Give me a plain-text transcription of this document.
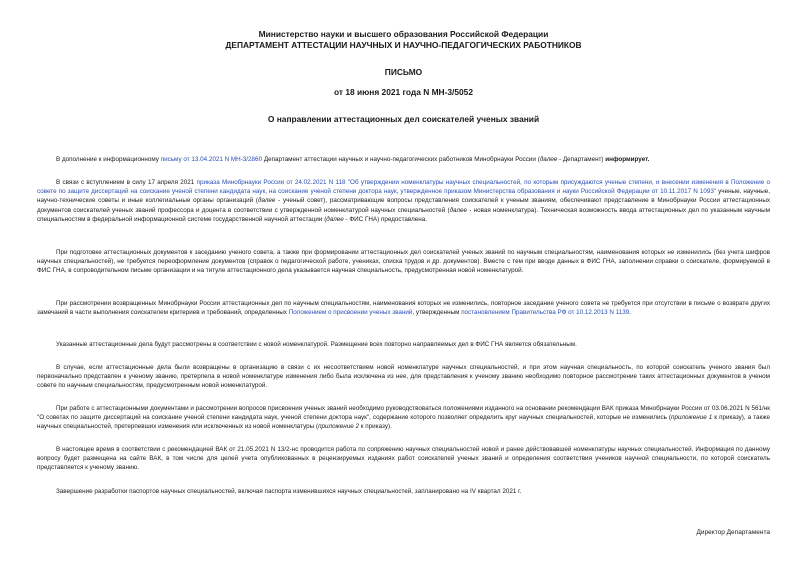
Министерство науки и высшего образования Российской Федерации
ДЕПАРТАМЕНТ АТТЕСТАЦИИ НАУЧНЫХ И НАУЧНО-ПЕДАГОГИЧЕСКИХ РАБОТНИКОВ
ПИСЬМО
от 18 июня 2021 года N МН-3/5052
О направлении аттестационных дел соискателей ученых званий

В дополнение к информационному письму от 13.04.2021 N МН-3/2860 Департамент аттестации научных и научно-педагогических работников Минобрнауки России (далее - Департамент) информирует.

В связи с вступлением в силу 17 апреля 2021 приказа Минобрнауки России от 24.02.2021 N 118 "Об утверждении номенклатуры научных специальностей, по которым присуждаются ученые степени, и внесении изменения в Положение о совете по защите диссертаций на соискание ученой степени кандидата наук, на соискание ученой степени доктора наук, утвержденное приказом Министерства образования и науки Российской Федерации от 10.11.2017 N 1093" ученые, научные, научно-технические советы и иные коллегиальные органы организаций (далее - ученый совет), рассматривающие вопросы представления соискателей к ученым званиям, обеспечивают представление в Минобрнауки России аттестационных документов соискателей ученых званий профессора и доцента в соответствии с утвержденной номенклатурой научных специальностей (далее - новая номенклатура). Техническая возможность ввода аттестационных дел по указанным научным специальностям в федеральной информационной системе государственной научной аттестации (далее - ФИС ГНА) предоставлена.

При подготовке аттестационных документов к заседанию ученого совета, а также при формировании аттестационных дел соискателей ученых званий по научным специальностям, наименования которых не изменились (без учета шифров научных специальностей), не требуется переоформление документов (справок о педагогической работе, учениках, списка трудов и др. документов). Вместе с тем при вводе данных в ФИС ГНА, заполнении справки о соискателе, формируемой в ФИС ГНА, в сопроводительном письме организации и на титуле аттестационного дела указывается научная специальность, предусмотренная новой номенклатурой.

При рассмотрении возвращенных Минобрнауки России аттестационных дел по научным специальностям, наименования которых не изменились, повторное заседание ученого совета не требуется при отсутствии в письме о возврате других замечаний в части выполнения соискателем критериев и требований, определенных Положением о присвоении ученых званий, утвержденным постановлением Правительства РФ от 10.12.2013 N 1139.

Указанные аттестационные дела будут рассмотрены в соответствии с новой номенклатурой. Размещение всех повторно направляемых дел в ФИС ГНА является обязательным.

В случае, если аттестационные дела были возвращены в организацию в связи с их несоответствием новой номенклатуре научных специальностей, и при этом научная специальность, по которой соискатель ученого звания был первоначально представлен к ученому званию, претерпела в новой номенклатуре изменения либо была исключена из нее, для представления к ученому званию необходимо повторное рассмотрение таких аттестационных документов в ученом совете по научным специальностям, предусмотренным новой номенклатурой.

При работе с аттестационными документами и рассмотрении вопросов присвоения ученых званий необходимо руководствоваться положениями изданного на основании рекомендации ВАК приказа Минобрнауки России от 03.06.2021 N 561/нк "О советах по защите диссертаций на соискание ученой степени кандидата наук, ученой степени доктора наук", содержание которого позволяет определить круг научных специальностей, которые не изменились (приложение 1 к приказу), а также научных специальностей, претерпевших изменения или исключенных из новой номенклатуры (приложение 2 к приказу).

В настоящее время в соответствии с рекомендацией ВАК от 21.05.2021 N 13/2-нс проводится работа по сопряжению научных специальностей новой и ранее действовавшей номенклатуры научных специальностей. Информация по данному вопросу будет размещена на сайте ВАК, в том числе для целей учета опубликованных в рецензируемых изданиях работ соискателей ученых званий и определения соответствия учеников научной специальности, по которой соискатель представляется к ученому званию.

Завершение разработки паспортов научных специальностей, включая паспорта изменившихся научных специальностей, запланировано на IV квартал 2021 г.

Директор Департамента
